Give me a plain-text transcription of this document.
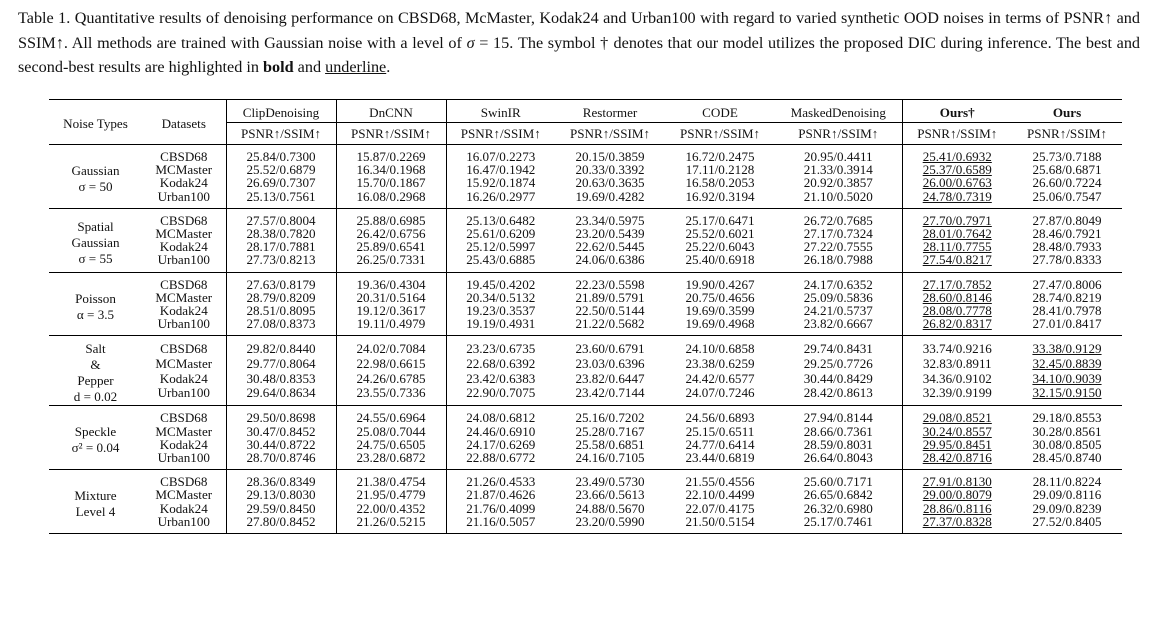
Table 1. Quantitative results of denoising performance on CBSD68, McMaster, Kodak24 and Urban100 with regard to varied synthetic OOD noises in terms of PSNR↑ and SSIM↑. All methods are trained with Gaussian noise with a level of σ = 15. The symbol † denotes that our model utilizes the proposed DIC during inference. The best and second-best results are highlighted in bold and underline.
Noise Types	Datasets	ClipDenoising	DnCNN	SwinIR	Restormer	CODE	MaskedDenoising	Ours†	Ours
		PSNR↑/SSIM↑	PSNR↑/SSIM↑	PSNR↑/SSIM↑	PSNR↑/SSIM↑	PSNR↑/SSIM↑	PSNR↑/SSIM↑	PSNR↑/SSIM↑	PSNR↑/SSIM↑

Gaussian
σ = 50	CBSD68	25.84/0.7300	15.87/0.2269	16.07/0.2273	20.15/0.3859	16.72/0.2475	20.95/0.4411	25.41/0.6932	25.73/0.7188
	MCMaster	25.52/0.6879	16.34/0.1968	16.47/0.1942	20.33/0.3392	17.11/0.2128	21.33/0.3914	25.37/0.6589	25.68/0.6871
	Kodak24	26.69/0.7307	15.70/0.1867	15.92/0.1874	20.63/0.3635	16.58/0.2053	20.92/0.3857	26.00/0.6763	26.60/0.7224
	Urban100	25.13/0.7561	16.08/0.2968	16.26/0.2977	19.69/0.4282	16.92/0.3194	21.10/0.5020	24.78/0.7319	25.06/0.7547

Spatial
Gaussian
σ = 55	CBSD68	27.57/0.8004	25.88/0.6985	25.13/0.6482	23.34/0.5975	25.17/0.6471	26.72/0.7685	27.70/0.7971	27.87/0.8049
	MCMaster	28.38/0.7820	26.42/0.6756	25.61/0.6209	23.20/0.5439	25.52/0.6021	27.17/0.7324	28.01/0.7642	28.46/0.7921
	Kodak24	28.17/0.7881	25.89/0.6541	25.12/0.5997	22.62/0.5445	25.22/0.6043	27.22/0.7555	28.11/0.7755	28.48/0.7933
	Urban100	27.73/0.8213	26.25/0.7331	25.43/0.6885	24.06/0.6386	25.40/0.6918	26.18/0.7988	27.54/0.8217	27.78/0.8333

Poisson
α = 3.5	CBSD68	27.63/0.8179	19.36/0.4304	19.45/0.4202	22.23/0.5598	19.90/0.4267	24.17/0.6352	27.17/0.7852	27.47/0.8006
	MCMaster	28.79/0.8209	20.31/0.5164	20.34/0.5132	21.89/0.5791	20.75/0.4656	25.09/0.5836	28.60/0.8146	28.74/0.8219
	Kodak24	28.51/0.8095	19.12/0.3617	19.23/0.3537	22.50/0.5144	19.69/0.3599	24.21/0.5737	28.08/0.7778	28.41/0.7978
	Urban100	27.08/0.8373	19.11/0.4979	19.19/0.4931	21.22/0.5682	19.69/0.4968	23.82/0.6667	26.82/0.8317	27.01/0.8417

Salt
&
Pepper
d = 0.02	CBSD68	29.82/0.8440	24.02/0.7084	23.23/0.6735	23.60/0.6791	24.10/0.6858	29.74/0.8431	33.74/0.9216	33.38/0.9129
	MCMaster	29.77/0.8064	22.98/0.6615	22.68/0.6392	23.03/0.6396	23.38/0.6259	29.25/0.7726	32.83/0.8911	32.45/0.8839
	Kodak24	30.48/0.8353	24.26/0.6785	23.42/0.6383	23.82/0.6447	24.42/0.6577	30.44/0.8429	34.36/0.9102	34.10/0.9039
	Urban100	29.64/0.8634	23.55/0.7336	22.90/0.7075	23.42/0.7144	24.07/0.7246	28.42/0.8613	32.39/0.9199	32.15/0.9150

Speckle
σ² = 0.04	CBSD68	29.50/0.8698	24.55/0.6964	24.08/0.6812	25.16/0.7202	24.56/0.6893	27.94/0.8144	29.08/0.8521	29.18/0.8553
	MCMaster	30.47/0.8452	25.08/0.7044	24.46/0.6910	25.28/0.7167	25.15/0.6511	28.66/0.7361	30.24/0.8557	30.28/0.8561
	Kodak24	30.44/0.8722	24.75/0.6505	24.17/0.6269	25.58/0.6851	24.77/0.6414	28.59/0.8031	29.95/0.8451	30.08/0.8505
	Urban100	28.70/0.8746	23.28/0.6872	22.88/0.6772	24.16/0.7105	23.44/0.6819	26.64/0.8043	28.42/0.8716	28.45/0.8740

Mixture
Level 4	CBSD68	28.36/0.8349	21.38/0.4754	21.26/0.4533	23.49/0.5730	21.55/0.4556	25.60/0.7171	27.91/0.8130	28.11/0.8224
	MCMaster	29.13/0.8030	21.95/0.4779	21.87/0.4626	23.66/0.5613	22.10/0.4499	26.65/0.6842	29.00/0.8079	29.09/0.8116
	Kodak24	29.59/0.8450	22.00/0.4352	21.76/0.4099	24.88/0.5670	22.07/0.4175	26.32/0.6980	28.86/0.8116	29.09/0.8239
	Urban100	27.80/0.8452	21.26/0.5215	21.16/0.5057	23.20/0.5990	21.50/0.5154	25.17/0.7461	27.37/0.8328	27.52/0.8405
